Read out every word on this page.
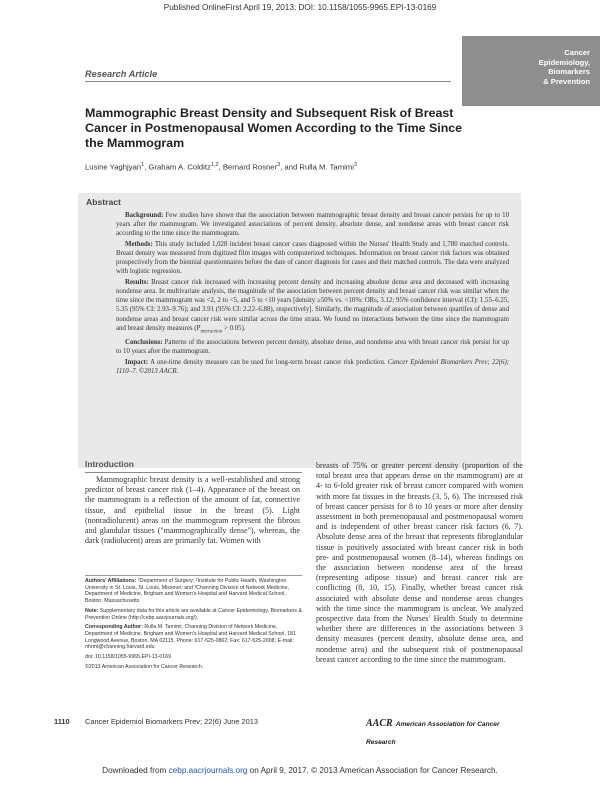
Published OnlineFirst April 19, 2013; DOI: 10.1158/1055-9965.EPI-13-0169
Cancer
Epidemiology,
Biomarkers
& Prevention
Research Article
Mammographic Breast Density and Subsequent Risk of Breast Cancer in Postmenopausal Women According to the Time Since the Mammogram
Lusine Yaghjyan$^1$, Graham A. Colditz$^{1,2}$, Bernard Rosner$^3$, and Rulla M. Tamimi$^3$
Abstract

Background: Few studies have shown that the association between mammographic breast density and breast cancer persists for up to 10 years after the mammogram. We investigated associations of percent density, absolute dense, and nondense areas with breast cancer risk according to the time since the mammogram.

Methods: This study included 1,028 incident breast cancer cases diagnosed within the Nurses' Health Study and 1,780 matched controls. Breast density was measured from digitized film images with computerized techniques. Information on breast cancer risk factors was obtained prospectively from the biennial questionnaires before the date of cancer diagnosis for cases and their matched controls. The data were analyzed with logistic regression.

Results: Breast cancer risk increased with increasing percent density and increasing absolute dense area and decreased with increasing nondense area. In multivariate analysis, the magnitude of the association between percent density and breast cancer risk was similar when the time since the mammogram was <2, 2 to <5, and 5 to <10 years [density ≥50% vs. <10%: ORs, 3.12; 95% confidence interval (CI): 1.55–6.25, 5.35 (95% CI: 2.93–9.76); and 3.91 (95% CI: 2.22–6.88), respectively]. Similarly, the magnitude of association between quartiles of dense and nondense areas and breast cancer risk were similar across the time strata. We found no interactions between the time since the mammogram and breast density measures $(P_{interaction} > 0.05)$.

Conclusions: Patterns of the associations between percent density, absolute dense, and nondense area with breast cancer risk persist for up to 10 years after the mammogram.

Impact: A one-time density measure can be used for long-term breast cancer risk prediction. Cancer Epidemiol Biomarkers Prev; 22(6); 1110–7. ©2013 AACR.

Introduction

Mammographic breast density is a well-established and strong predictor of breast cancer risk (1–4). Appearance of the breast on the mammogram is a reflection of the amount of fat, connective tissue, and epithelial tissue in the breast (5). Light (nonradiolucent) areas on the mammogram represent the fibrous and glandular tissues ("mammographically dense"), whereas, the dark (radiolucent) areas are primarily fat. Women with

breasts of 75% or greater percent density (proportion of the total breast area that appears dense on the mammogram) are at 4- to 6-fold greater risk of breast cancer compared with women with more fat tissues in the breasts (3, 5, 6). The increased risk of breast cancer persists for 8 to 10 years or more after density assessment in both premenopausal and postmenopausal women and is independent of other breast cancer risk factors (6, 7). Absolute dense area of the breast that represents fibroglandular tissue is positively associated with breast cancer risk in both pre- and postmenopausal women (8–14), whereas findings on the association between nondense area of the breast (representing adipose tissue) and breast cancer risk are conflicting (8, 10, 15). Finally, whether breast cancer risk associated with absolute dense and nondense areas changes with the time since the mammogram is unclear. We analyzed prospective data from the Nurses' Health Study to determine whether there are differences in the associations between 3 density measures (percent density, absolute dense area, and nondense area) and the subsequent risk of postmenopausal breast cancer according to the time since the mammogram.

Authors' Affiliations: ¹Department of Surgery; ²Institute for Public Health, Washington University in St. Louis, St. Louis, Missouri; and ³Channing Division of Network Medicine, Department of Medicine, Brigham and Women's Hospital and Harvard Medical School, Boston, Massachusetts

Note: Supplementary data for this article are available at Cancer Epidemiology, Biomarkers & Prevention Online (http://cebp.aacrjournals.org/).

Corresponding Author: Rulla M. Tamimi, Channing Division of Network Medicine, Department of Medicine, Brigham and Women's Hospital and Harvard Medical School, 181 Longwood Avenue, Boston, MA 02115. Phone: 617-525-0862; Fax: 617-525-2008; E-mail: nhrmt@channing.harvard.edu

doi: 10.1158/1055-9965.EPI-13-0169

©2013 American Association for Cancer Research.

1110 Cancer Epidemiol Biomarkers Prev; 22(6) June 2013	AACR American Association for Cancer Research
Downloaded from cebp.aacrjournals.org on April 9, 2017. © 2013 American Association for Cancer Research.
